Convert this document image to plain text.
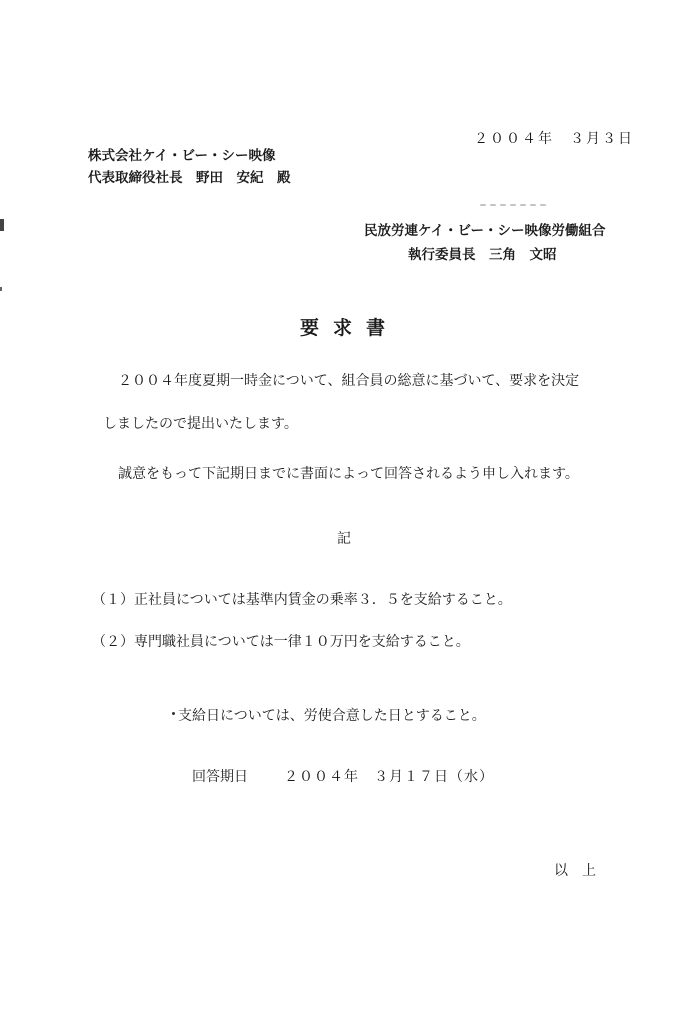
２００４年　３月３日
株式会社ケイ・ビー・シー映像
代表取締役社長　野田　安紀　殿
民放労連ケイ・ビー・シー映像労働組合
執行委員長　三角　文昭
要求書
２００４年度夏期一時金について、組合員の総意に基づいて、要求を決定
しましたので提出いたします。
誠意をもって下記期日までに書面によって回答されるよう申し入れます。
記
（１）正社員については基準内賃金の乗率３．５を支給すること。
（２）専門職社員については一律１０万円を支給すること。
支給日については、労使合意した日とすること。
回答期日	２００４年　３月１７日（水）
以上
